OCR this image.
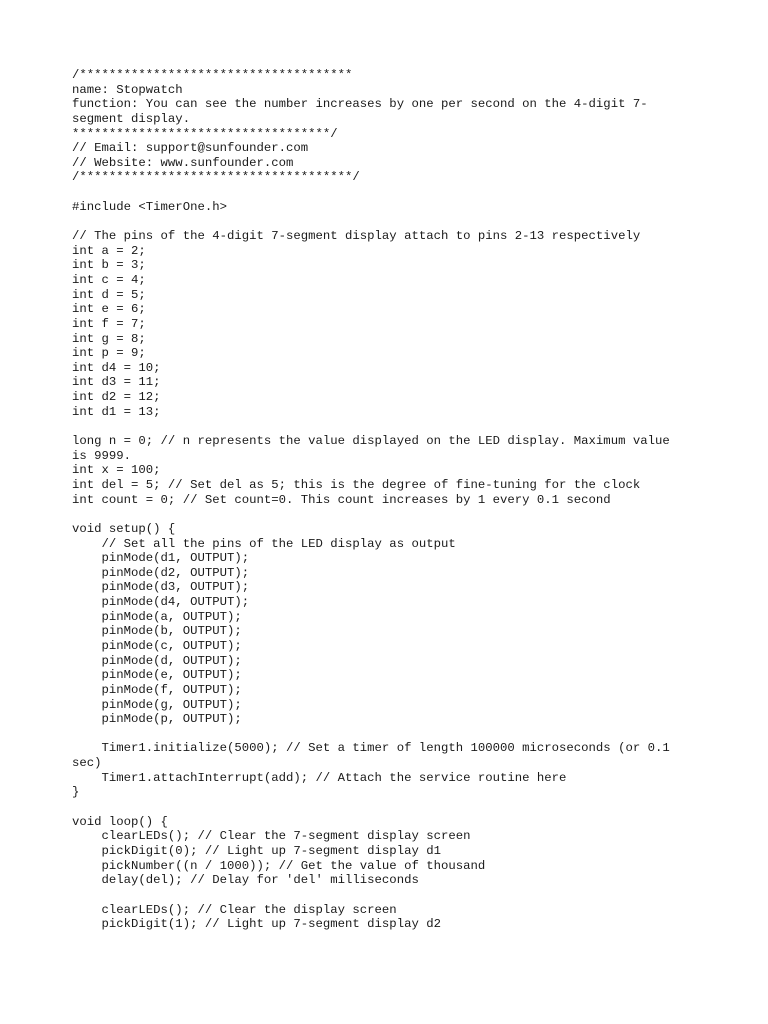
/*************************************
name: Stopwatch
function: You can see the number increases by one per second on the 4-digit 7-
segment display.
***********************************/
// Email: support@sunfounder.com
// Website: www.sunfounder.com
/*************************************/
#include <TimerOne.h>
// The pins of the 4-digit 7-segment display attach to pins 2-13 respectively
int a = 2;
int b = 3;
int c = 4;
int d = 5;
int e = 6;
int f = 7;
int g = 8;
int p = 9;
int d4 = 10;
int d3 = 11;
int d2 = 12;
int d1 = 13;
long n = 0; // n represents the value displayed on the LED display. Maximum value
is 9999.
int x = 100;
int del = 5; // Set del as 5; this is the degree of fine-tuning for the clock
int count = 0; // Set count=0. This count increases by 1 every 0.1 second
void setup() {
// Set all the pins of the LED display as output
pinMode(d1, OUTPUT);
pinMode(d2, OUTPUT);
pinMode(d3, OUTPUT);
pinMode(d4, OUTPUT);
pinMode(a, OUTPUT);
pinMode(b, OUTPUT);
pinMode(c, OUTPUT);
pinMode(d, OUTPUT);
pinMode(e, OUTPUT);
pinMode(f, OUTPUT);
pinMode(g, OUTPUT);
pinMode(p, OUTPUT);
Timer1.initialize(5000); // Set a timer of length 100000 microseconds (or 0.1
sec)
Timer1.attachInterrupt(add); // Attach the service routine here
}
void loop() {
clearLEDs(); // Clear the 7-segment display screen
pickDigit(0); // Light up 7-segment display d1
pickNumber((n / 1000)); // Get the value of thousand
delay(del); // Delay for 'del' milliseconds
clearLEDs(); // Clear the display screen
pickDigit(1); // Light up 7-segment display d2
